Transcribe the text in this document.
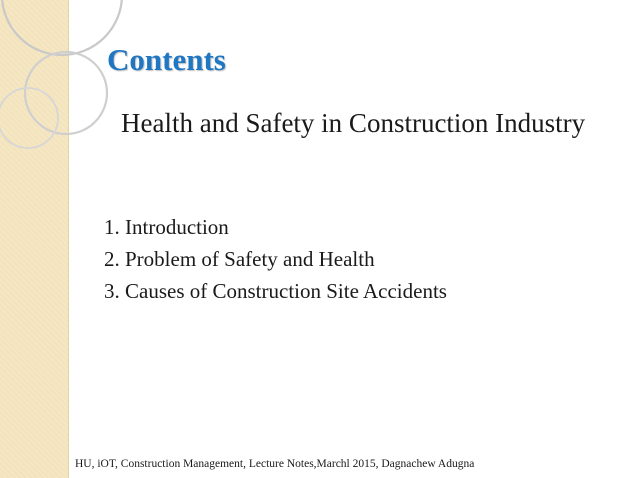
Contents

Health and Safety in Construction Industry

1. Introduction
2. Problem of Safety and Health
3. Causes of Construction Site Accidents

HU, iOT, Construction Management, Lecture Notes,Marchl 2015, Dagnachew Adugna
